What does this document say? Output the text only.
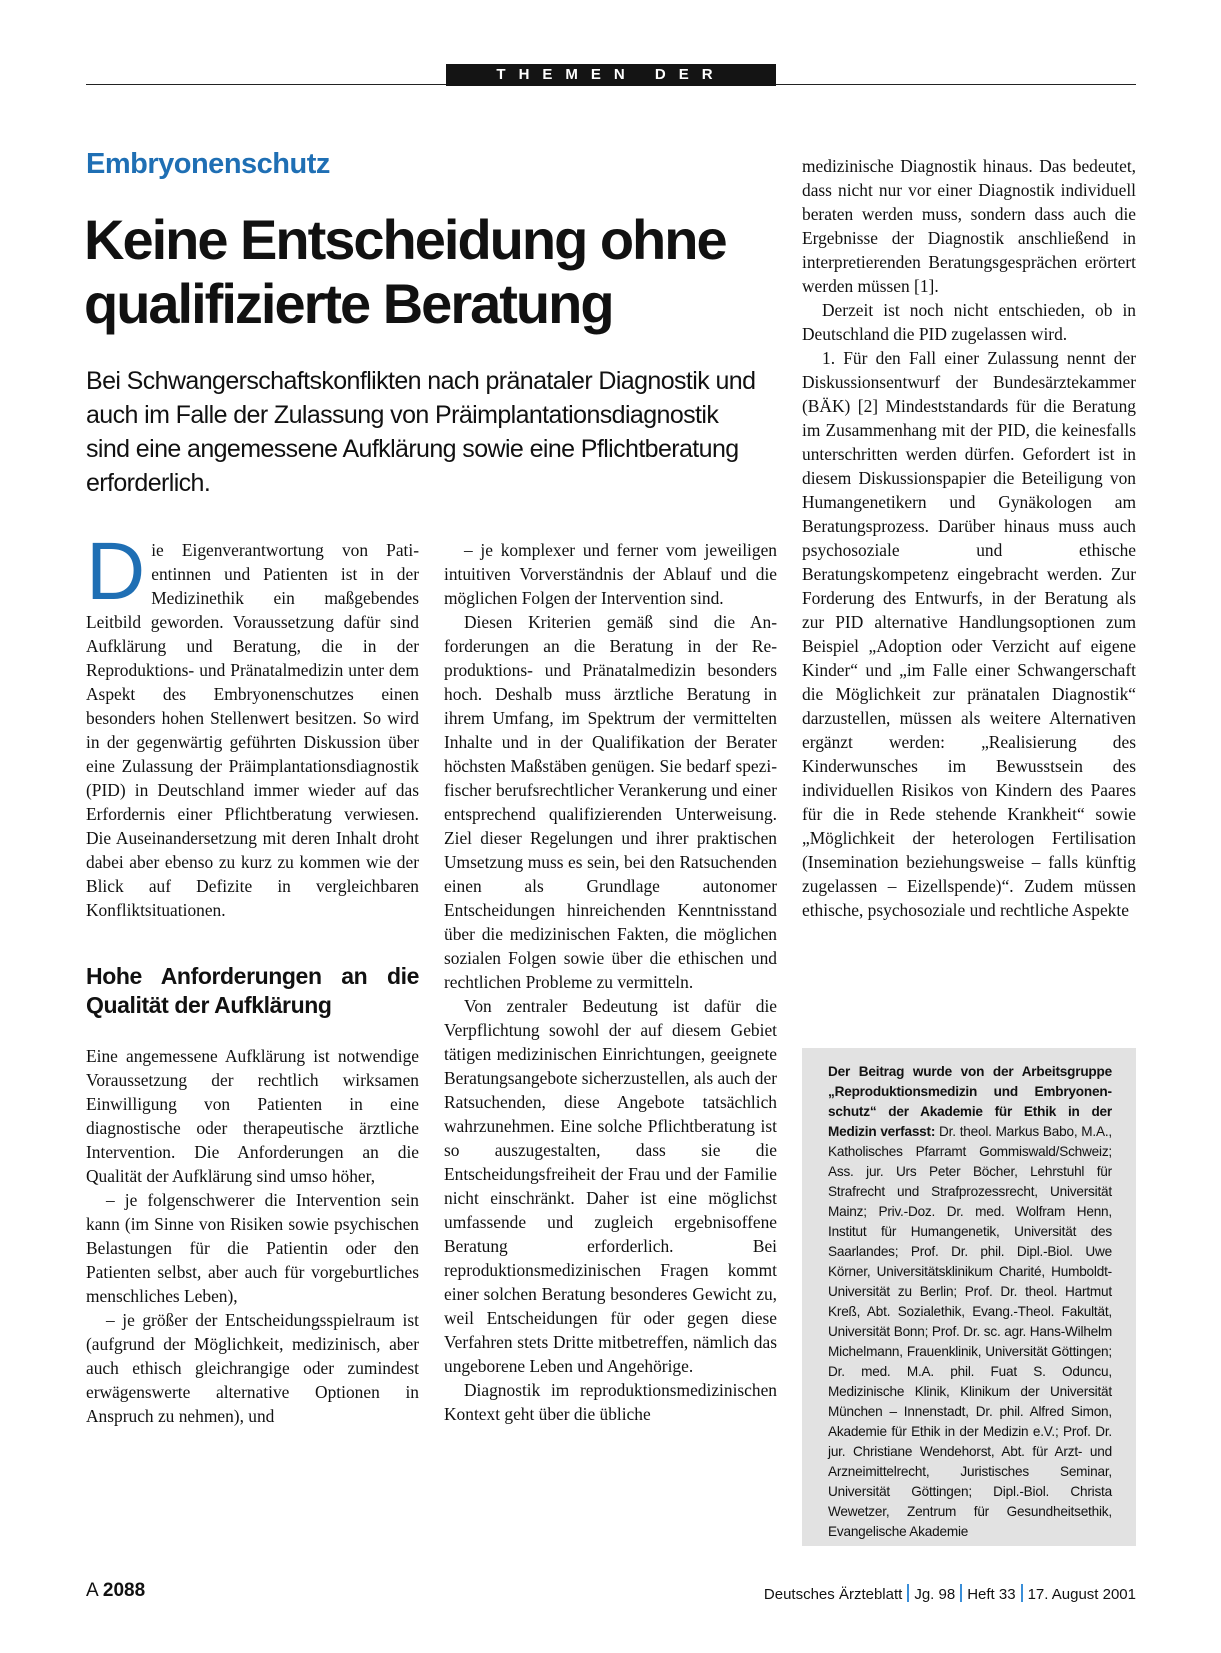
THEMEN DER ZEIT
Embryonenschutz
Keine Entscheidung ohne qualifizierte Beratung

Bei Schwangerschaftskonflikten nach pränataler Diagnostik und auch im Falle der Zulassung von Präimplantationsdiagnostik sind eine angemessene Aufklärung sowie eine Pflichtberatung erforderlich.

Die Eigenverantwortung von Patientinnen und Patienten ist in der Medizinethik ein maßgebendes Leitbild geworden. Voraussetzung dafür sind Aufklärung und Beratung, die in der Reproduktions- und Pränatalmedizin unter dem Aspekt des Embryonenschutzes einen besonders hohen Stellenwert besitzen. So wird in der gegenwärtig geführten Diskussion über eine Zulassung der Präimplantationsdiagnostik (PID) in Deutschland immer wieder auf das Erfordernis einer Pflichtberatung verwiesen. Die Auseinandersetzung mit deren Inhalt droht dabei aber ebenso zu kurz zu kommen wie der Blick auf Defizite in vergleichbaren Konfliktsituationen.

Hohe Anforderungen an die Qualität der Aufklärung

Eine angemessene Aufklärung ist notwendige Voraussetzung der rechtlich wirksamen Einwilligung von Patienten in eine diagnostische oder therapeutische ärztliche Intervention. Die Anforderungen an die Qualität der Aufklärung sind umso höher,

– je folgenschwerer die Intervention sein kann (im Sinne von Risiken sowie psychischen Belastungen für die Patientin oder den Patienten selbst, aber auch für vorgeburtliches menschliches Leben),

– je größer der Entscheidungsspielraum ist (aufgrund der Möglichkeit, medizinisch, aber auch ethisch gleichrangige oder zumindest erwägenswerte alternative Optionen in Anspruch zu nehmen), und

– je komplexer und ferner vom jeweiligen intuitiven Vorverständnis der Ablauf und die möglichen Folgen der Intervention sind.

Diesen Kriterien gemäß sind die Anforderungen an die Beratung in der Reproduktions- und Pränatalmedizin besonders hoch. Deshalb muss ärztliche Beratung in ihrem Umfang, im Spektrum der vermittelten Inhalte und in der Qualifikation der Berater höchsten Maßstäben genügen. Sie bedarf spezifischer berufsrechtlicher Verankerung und einer entsprechend qualifizierenden Unterweisung. Ziel dieser Regelungen und ihrer praktischen Umsetzung muss es sein, bei den Ratsuchenden einen als Grundlage autonomer Entscheidungen hinreichenden Kenntnisstand über die medizinischen Fakten, die möglichen sozialen Folgen sowie über die ethischen und rechtlichen Probleme zu vermitteln.

Von zentraler Bedeutung ist dafür die Verpflichtung sowohl der auf diesem Gebiet tätigen medizinischen Einrichtungen, geeignete Beratungsangebote sicherzustellen, als auch der Ratsuchenden, diese Angebote tatsächlich wahrzunehmen. Eine solche Pflichtberatung ist so auszugestalten, dass sie die Entscheidungsfreiheit der Frau und der Familie nicht einschränkt. Daher ist eine möglichst umfassende und zugleich ergebnisoffene Beratung erforderlich. Bei reproduktionsmedizinischen Fragen kommt einer solchen Beratung besonderes Gewicht zu, weil Entscheidungen für oder gegen diese Verfahren stets Dritte mitbetreffen, nämlich das ungeborene Leben und Angehörige.

Diagnostik im reproduktionsmedizinischen Kontext geht über die übliche

medizinische Diagnostik hinaus. Das bedeutet, dass nicht nur vor einer Diagnostik individuell beraten werden muss, sondern dass auch die Ergebnisse der Diagnostik anschließend in interpretierenden Beratungsgesprächen erörtert werden müssen [1].

Derzeit ist noch nicht entschieden, ob in Deutschland die PID zugelassen wird.

1. Für den Fall einer Zulassung nennt der Diskussionsentwurf der Bundesärztekammer (BÄK) [2] Mindeststandards für die Beratung im Zusammenhang mit der PID, die keinesfalls unterschritten werden dürfen. Gefordert ist in diesem Diskussionspapier die Beteiligung von Humangenetikern und Gynäkologen am Beratungsprozess. Darüber hinaus muss auch psychosoziale und ethische Beratungskompetenz eingebracht werden. Zur Forderung des Entwurfs, in der Beratung als zur PID alternative Handlungsoptionen zum Beispiel „Adoption oder Verzicht auf eigene Kinder“ und „im Falle einer Schwangerschaft die Möglichkeit zur pränatalen Diagnostik“ darzustellen, müssen als weitere Alternativen ergänzt werden: „Realisierung des Kinderwunsches im Bewusstsein des individuellen Risikos von Kindern des Paares für die in Rede stehende Krankheit“ sowie „Möglichkeit der heterologen Fertilisation (Insemination beziehungsweise – falls künftig zugelassen – Eizellspende)“. Zudem müssen ethische, psychosoziale und rechtliche Aspekte

Der Beitrag wurde von der Arbeitsgruppe „Reproduktionsmedizin und Embryonenschutz“ der Akademie für Ethik in der Medizin verfasst: Dr. theol. Markus Babo, M.A., Katholisches Pfarramt Gommiswald/Schweiz; Ass. jur. Urs Peter Böcher, Lehrstuhl für Strafrecht und Strafprozessrecht, Universität Mainz; Priv.-Doz. Dr. med. Wolfram Henn, Institut für Humangenetik, Universität des Saarlandes; Prof. Dr. phil. Dipl.-Biol. Uwe Körner, Universitätsklinikum Charité, Humboldt-Universität zu Berlin; Prof. Dr. theol. Hartmut Kreß, Abt. Sozialethik, Evang.-Theol. Fakultät, Universität Bonn; Prof. Dr. sc. agr. Hans-Wilhelm Michelmann, Frauenklinik, Universität Göttingen; Dr. med. M.A. phil. Fuat S. Oduncu, Medizinische Klinik, Klinikum der Universität München – Innenstadt, Dr. phil. Alfred Simon, Akademie für Ethik in der Medizin e.V.; Prof. Dr. jur. Christiane Wendehorst, Abt. für Arzt- und Arzneimittelrecht, Juristisches Seminar, Universität Göttingen; Dipl.-Biol. Christa Wewetzer, Zentrum für Gesundheitsethik, Evangelische Akademie
A 2088	Deutsches Ärzteblatt Jg. 98 Heft 33 17. August 2001
